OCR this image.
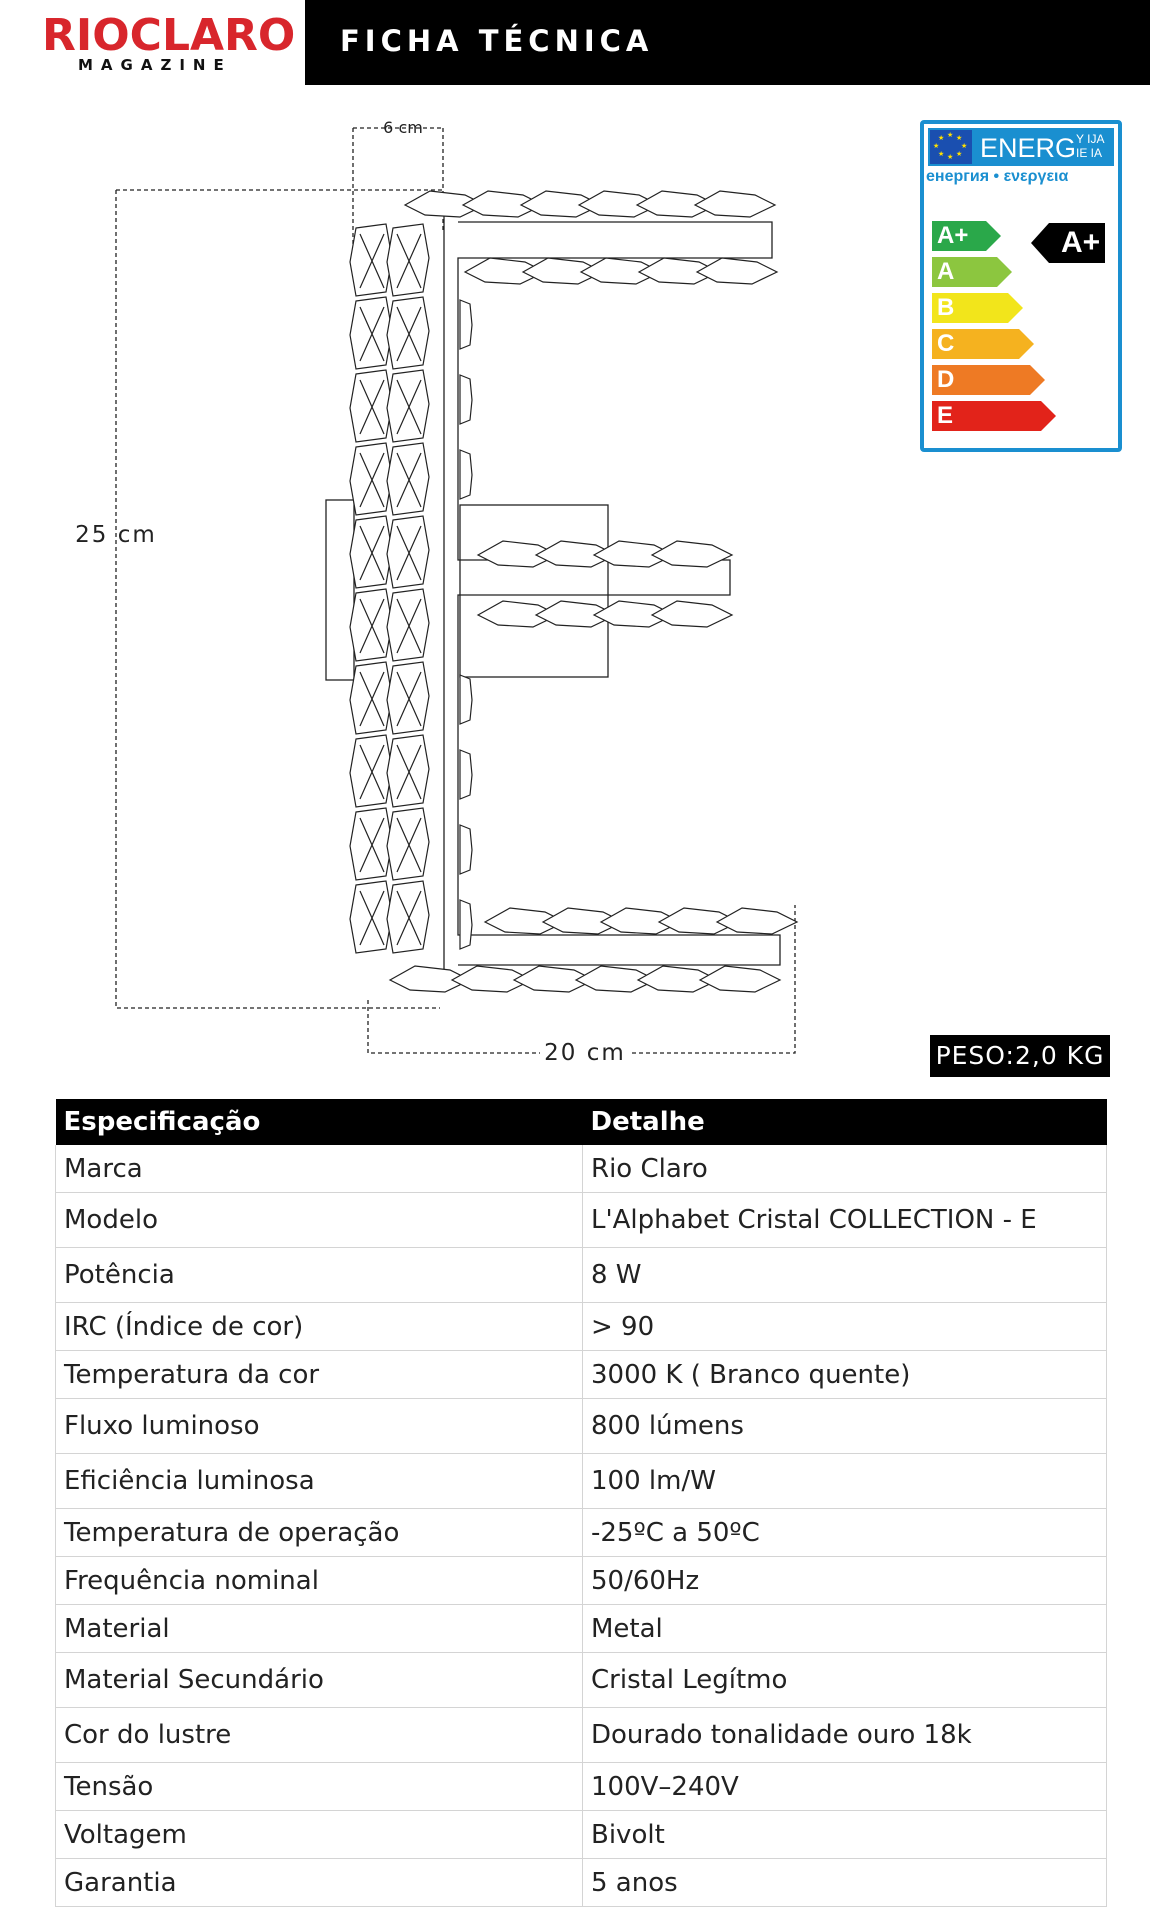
RIOCLARO
MAGAZINE
FICHA TÉCNICA
6 cm
25 cm
20 cm
★ ★
★
★
★
★
★
★ ENERG Y IJA
IE IA
енергия • ενεργεια
A+
A
B
C
D
E
A+
PESO:2,0 KG
Especificação	Detalhe
Marca	Rio Claro
Modelo	L'Alphabet Cristal COLLECTION - E
Potência	8 W
IRC (Índice de cor)	> 90
Temperatura da cor	3000 K ( Branco quente)
Fluxo luminoso	800 lúmens
Eficiência luminosa	100 lm/W
Temperatura de operação	-25ºC a 50ºC
Frequência nominal	50/60Hz
Material	Metal
Material Secundário	Cristal Legítmo
Cor do lustre	Dourado tonalidade ouro 18k
Tensão	100V–240V
Voltagem	Bivolt
Garantia	5 anos
